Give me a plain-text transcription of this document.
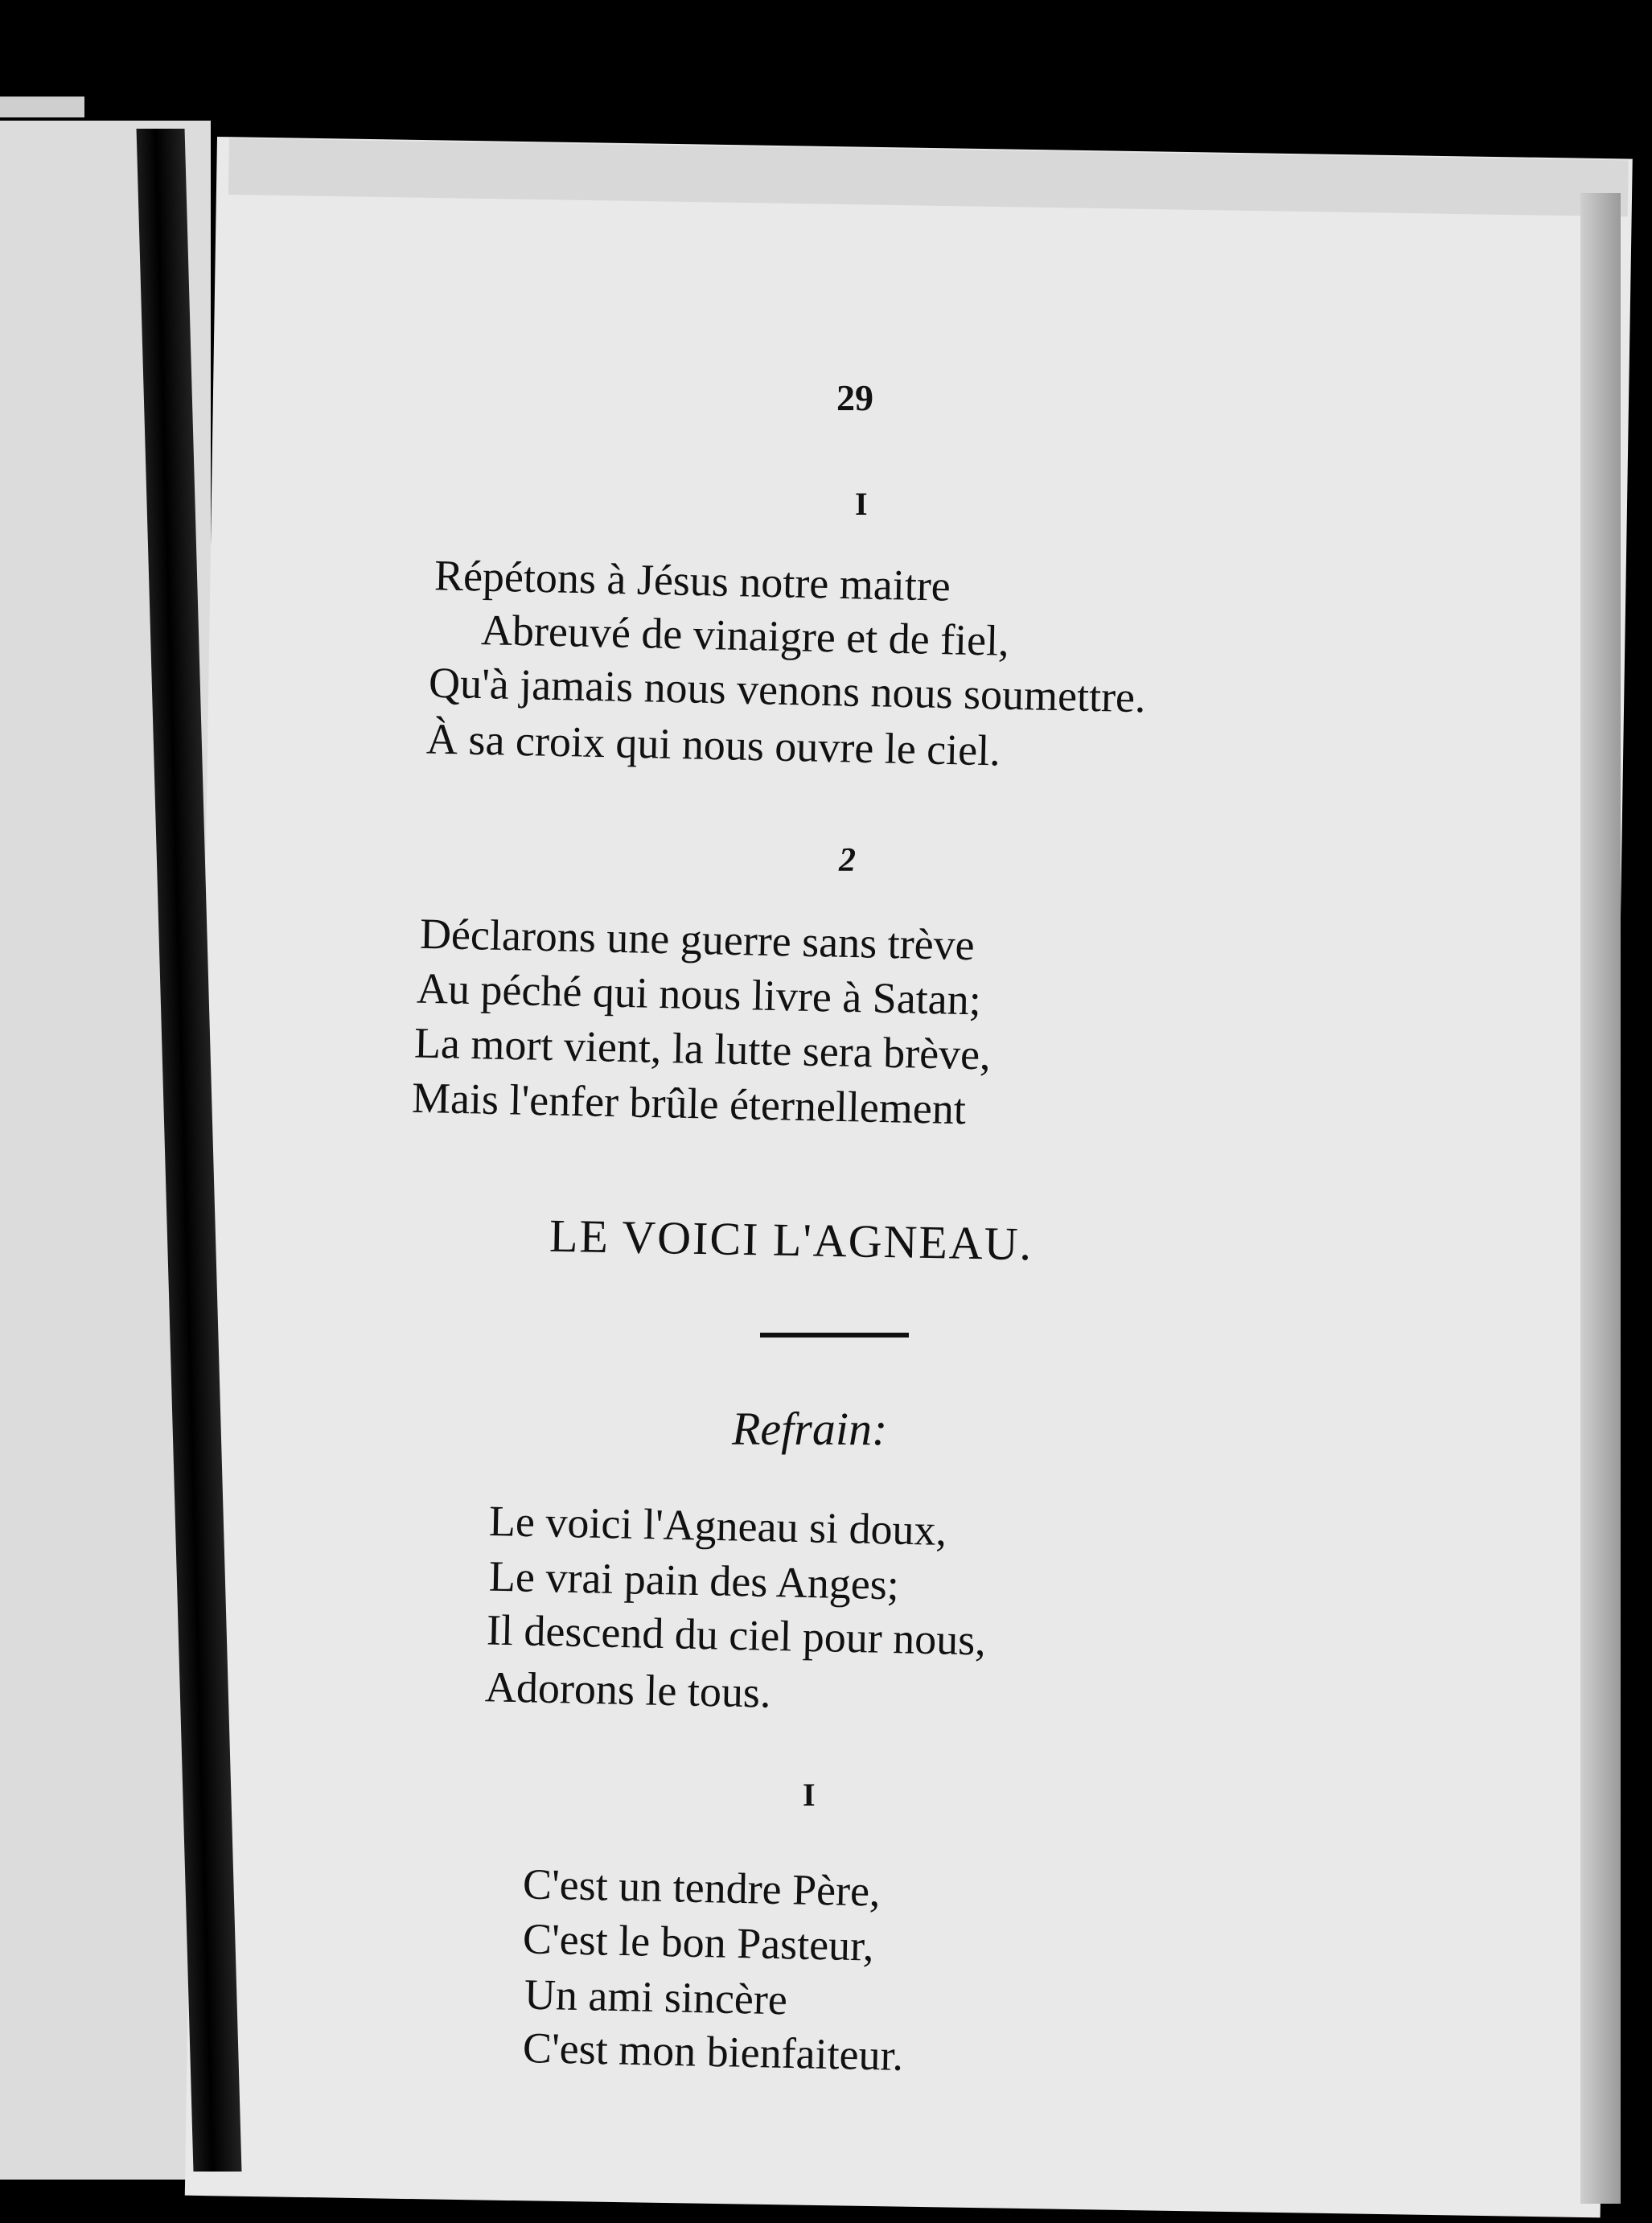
29
I
Répétons à Jésus notre maitre
Abreuvé de vinaigre et de fiel,
Qu'à jamais nous venons nous soumettre.
À sa croix qui nous ouvre le ciel.
2
Déclarons une guerre sans trève
Au péché qui nous livre à Satan;
La mort vient, la lutte sera brève,
Mais l'enfer brûle éternellement
LE VOICI L'AGNEAU.
Refrain:
Le voici l'Agneau si doux,
Le vrai pain des Anges;
Il descend du ciel pour nous,
Adorons le tous.
I
C'est un tendre Père,
C'est le bon Pasteur,
Un ami sincère
C'est mon bienfaiteur.
